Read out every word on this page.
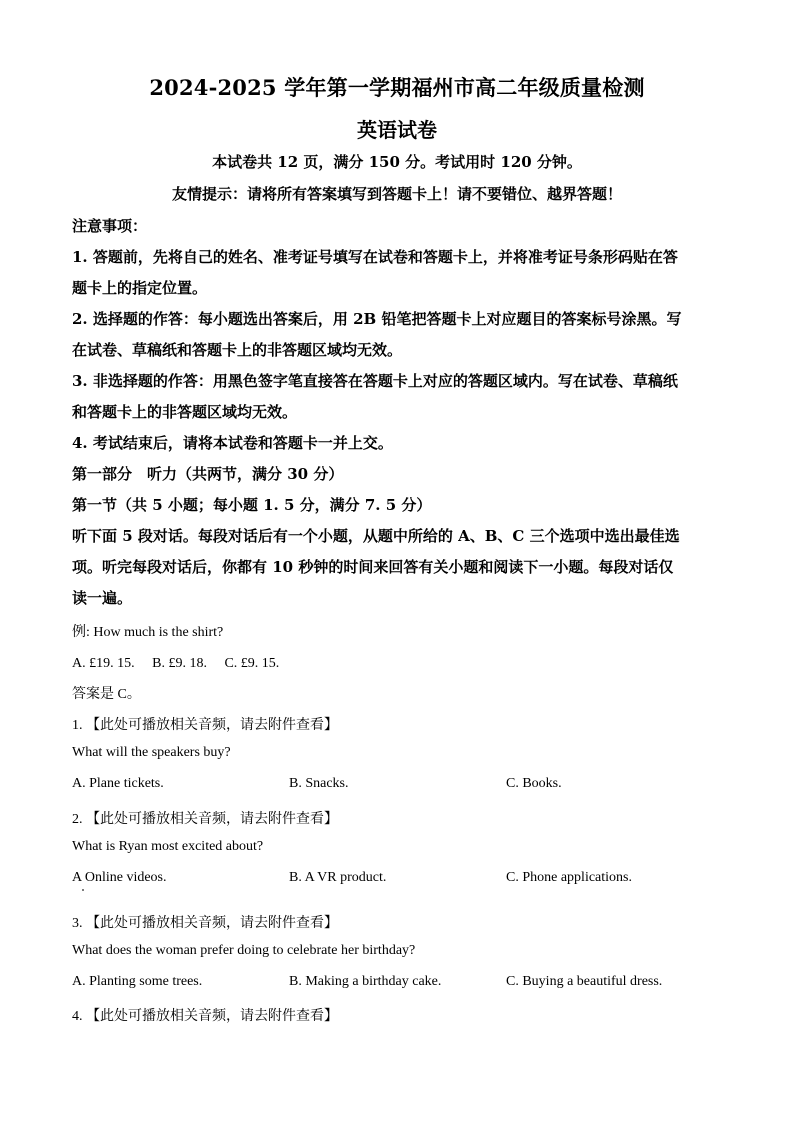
2024-2025 学年第一学期福州市高二年级质量检测
英语试卷
本试卷共 12 页，满分 150 分。考试用时 120 分钟。
友情提示：请将所有答案填写到答题卡上！请不要错位、越界答题！
注意事项：
1. 答题前，先将自己的姓名、准考证号填写在试卷和答题卡上，并将准考证号条形码贴在答
题卡上的指定位置。
2. 选择题的作答：每小题选出答案后，用 2B 铅笔把答题卡上对应题目的答案标号涂黑。写
在试卷、草稿纸和答题卡上的非答题区域均无效。
3. 非选择题的作答：用黑色签字笔直接答在答题卡上对应的答题区域内。写在试卷、草稿纸
和答题卡上的非答题区域均无效。
4. 考试结束后，请将本试卷和答题卡一并上交。
第一部分　听力（共两节，满分 30 分）
第一节（共 5 小题；每小题 1. 5 分，满分 7. 5 分）
听下面 5 段对话。每段对话后有一个小题，从题中所给的 A、B、C 三个选项中选出最佳选
项。听完每段对话后，你都有 10 秒钟的时间来回答有关小题和阅读下一小题。每段对话仅
读一遍。
例: How much is the shirt?
A. £19. 15.　 B. £9. 18.　 C. £9. 15.
答案是 C。
1. 【此处可播放相关音频，请去附件查看】
What will the speakers buy?
A. Plane tickets.	B. Snacks.	C. Books.
2. 【此处可播放相关音频，请去附件查看】
What is Ryan most excited about?
A Online videos.	B. A VR product.	C. Phone applications.
3. 【此处可播放相关音频，请去附件查看】
What does the woman prefer doing to celebrate her birthday?
A. Planting some trees.	B. Making a birthday cake.	C. Buying a beautiful dress.
4. 【此处可播放相关音频，请去附件查看】
